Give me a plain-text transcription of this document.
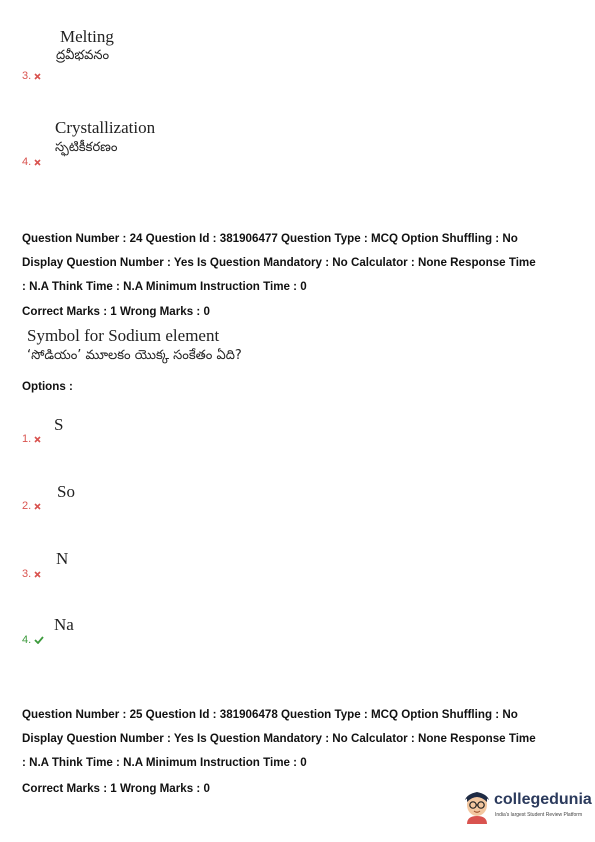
Melting
ద్రవీభవనం
3.
Crystallization
స్ఫటికీకరణం
4.
Question Number : 24 Question Id : 381906477 Question Type : MCQ Option Shuffling : No
Display Question Number : Yes Is Question Mandatory : No Calculator : None Response Time
: N.A Think Time : N.A Minimum Instruction Time : 0
Correct Marks : 1 Wrong Marks : 0
Symbol for Sodium element
‘సోడియం’ మూలకం యొక్క సంకేతం ఏది?
Options :
1.
S
2.
So
3.
N
4.
Na
Question Number : 25 Question Id : 381906478 Question Type : MCQ Option Shuffling : No
Display Question Number : Yes Is Question Mandatory : No Calculator : None Response Time
: N.A Think Time : N.A Minimum Instruction Time : 0
Correct Marks : 1 Wrong Marks : 0
collegedunia
India's largest Student Review Platform
